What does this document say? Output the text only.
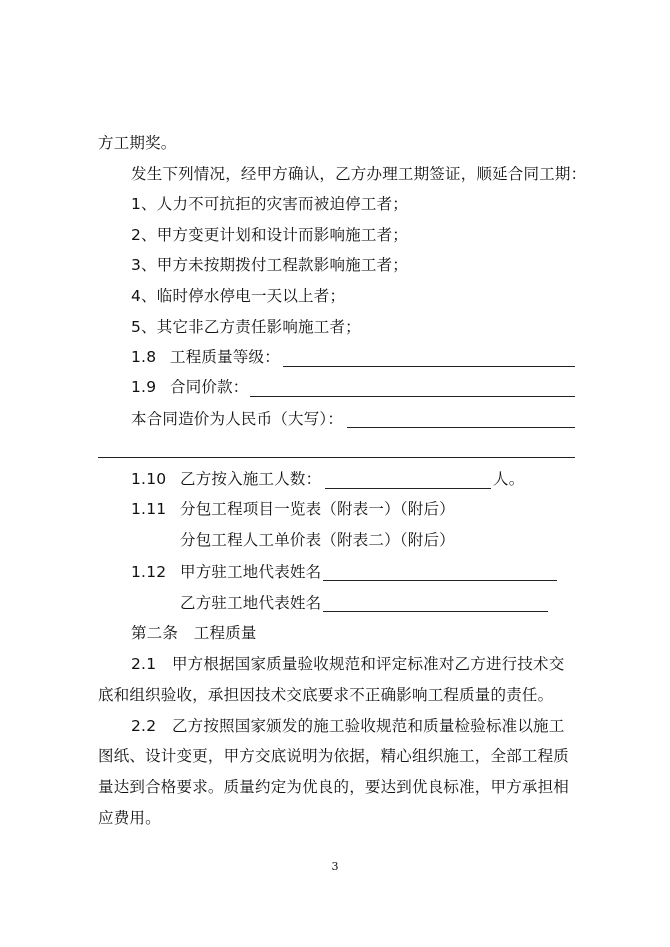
方工期奖。
发生下列情况，经甲方确认，乙方办理工期签证，顺延合同工期：
1、人力不可抗拒的灾害而被迫停工者；
2、甲方变更计划和设计而影响施工者；
3、甲方未按期拨付工程款影响施工者；
4、临时停水停电一天以上者；
5、其它非乙方责任影响施工者；
1.8 工程质量等级：
1.9 合同价款：
本合同造价为人民币（大写）：
1.10 乙方按入施工人数：	人。
1.11 分包工程项目一览表（附表一）（附后）
分包工程人工单价表（附表二）（附后）
1.12 甲方驻工地代表姓名
乙方驻工地代表姓名
第二条　工程质量
2.1　甲方根据国家质量验收规范和评定标准对乙方进行技术交
底和组织验收，承担因技术交底要求不正确影响工程质量的责任。
2.2　乙方按照国家颁发的施工验收规范和质量检验标准以施工
图纸、设计变更，甲方交底说明为依据，精心组织施工，全部工程质
量达到合格要求。质量约定为优良的，要达到优良标准，甲方承担相
应费用。
3
